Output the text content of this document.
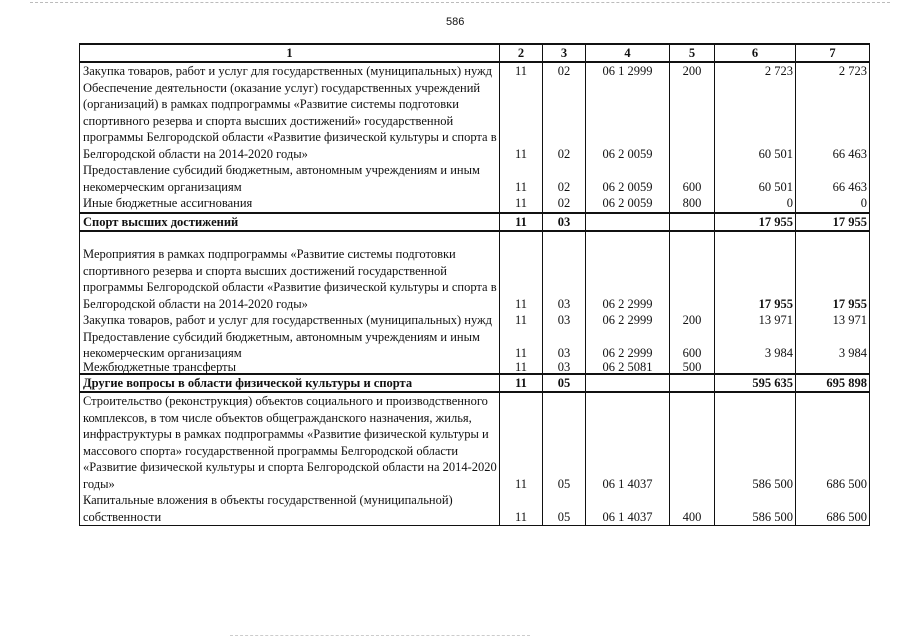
586
1	2	3	4	5	6	7
Закупка товаров, работ и услуг для государственных (муниципальных) нужд	11	02	06 1 2999	200	2 723	2 723
Обеспечение деятельности (оказание услуг) государственных учреждений (организаций) в рамках подпрограммы «Развитие системы подготовки спортивного резерва и спорта высших достижений» государственной программы Белгородской области «Развитие физической культуры и спорта в Белгородской области на 2014-2020 годы»	11	02	06 2 0059		60 501	66 463
Предоставление субсидий бюджетным, автономным учреждениям и иным некомерческим организациям	11	02	06 2 0059	600	60 501	66 463
Иные бюджетные ассигнования	11	02	06 2 0059	800	0	0
Спорт высших достижений	11	03			17 955	17 955

Мероприятия в рамках подпрограммы «Развитие системы подготовки спортивного резерва и спорта высших достижений государственной программы Белгородской области «Развитие физической культуры и спорта в Белгородской области на 2014-2020 годы»	11	03	06 2 2999		17 955	17 955
Закупка товаров, работ и услуг для государственных (муниципальных) нужд	11	03	06 2 2999	200	13 971	13 971
Предоставление субсидий бюджетным, автономным учреждениям и иным некомерческим организациям	11	03	06 2 2999	600	3 984	3 984
Межбюджетные трансферты	11	03	06 2 5081	500		
Другие вопросы в области физической культуры и спорта	11	05			595 635	695 898
Строительство (реконструкция) объектов социального и производственного комплексов, в том числе объектов общегражданского назначения, жилья, инфраструктуры в рамках подпрограммы «Развитие физической культуры и массового спорта» государственной программы Белгородской области «Развитие физической культуры и спорта Белгородской области на 2014-2020 годы»	11	05	06 1 4037		586 500	686 500
Капитальные вложения в объекты государственной (муниципальной) собственности	11	05	06 1 4037	400	586 500	686 500
